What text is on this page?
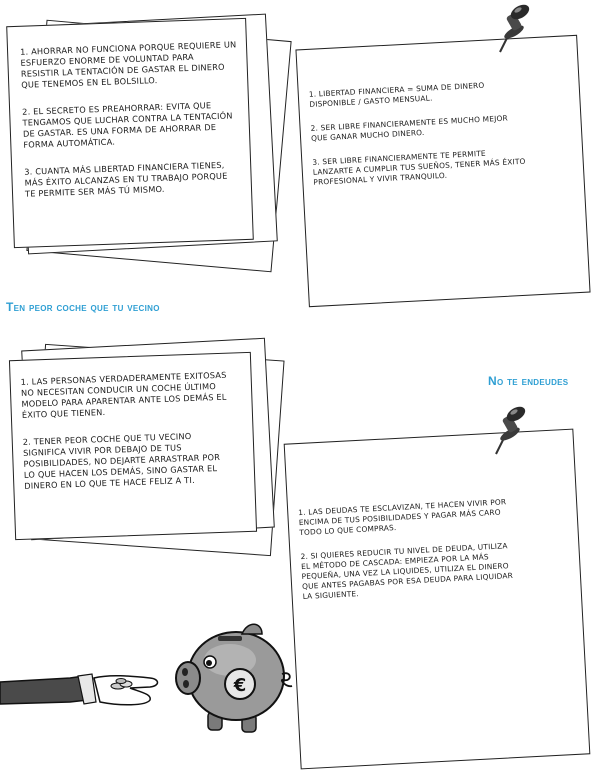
1. AHORRAR NO FUNCIONA PORQUE REQUIERE UN
ESFUERZO ENORME DE VOLUNTAD PARA
RESISTIR LA TENTACIÓN DE GASTAR EL DINERO
QUE TENEMOS EN EL BOLSILLO.

2. EL SECRETO ES PREAHORRAR: EVITA QUE
TENGAMOS QUE LUCHAR CONTRA LA TENTACIÓN
DE GASTAR. ES UNA FORMA DE AHORRAR DE
FORMA AUTOMÁTICA.

3. CUANTA MÁS LIBERTAD FINANCIERA TIENES,
MÁS ÉXITO ALCANZAS EN TU TRABAJO PORQUE
TE PERMITE SER MÁS TÚ MISMO.

1. LIBERTAD FINANCIERA = SUMA DE DINERO
DISPONIBLE / GASTO MENSUAL.

2. SER LIBRE FINANCIERAMENTE ES MUCHO MEJOR
QUE GANAR MUCHO DINERO.

3. SER LIBRE FINANCIERAMENTE TE PERMITE
LANZARTE A CUMPLIR TUS SUEÑOS, TENER MÁS ÉXITO
PROFESIONAL Y VIVIR TRANQUILO.

Ten peor coche que tu vecino
No te endeudes

1. LAS PERSONAS VERDADERAMENTE EXITOSAS
NO NECESITAN CONDUCIR UN COCHE ÚLTIMO
MODELO PARA APARENTAR ANTE LOS DEMÁS EL
ÉXITO QUE TIENEN.

2. TENER PEOR COCHE QUE TU VECINO
SIGNIFICA VIVIR POR DEBAJO DE TUS
POSIBILIDADES, NO DEJARTE ARRASTRAR POR
LO QUE HACEN LOS DEMÁS, SINO GASTAR EL
DINERO EN LO QUE TE HACE FELIZ A TI.

1. LAS DEUDAS TE ESCLAVIZAN, TE HACEN VIVIR POR
ENCIMA DE TUS POSIBILIDADES Y PAGAR MÁS CARO
TODO LO QUE COMPRAS.

2. SI QUIERES REDUCIR TU NIVEL DE DEUDA, UTILIZA
EL MÉTODO DE CASCADA: EMPIEZA POR LA MÁS
PEQUEÑA, UNA VEZ LA LIQUIDES, UTILIZA EL DINERO
QUE ANTES PAGABAS POR ESA DEUDA PARA LIQUIDAR
LA SIGUIENTE.

€
